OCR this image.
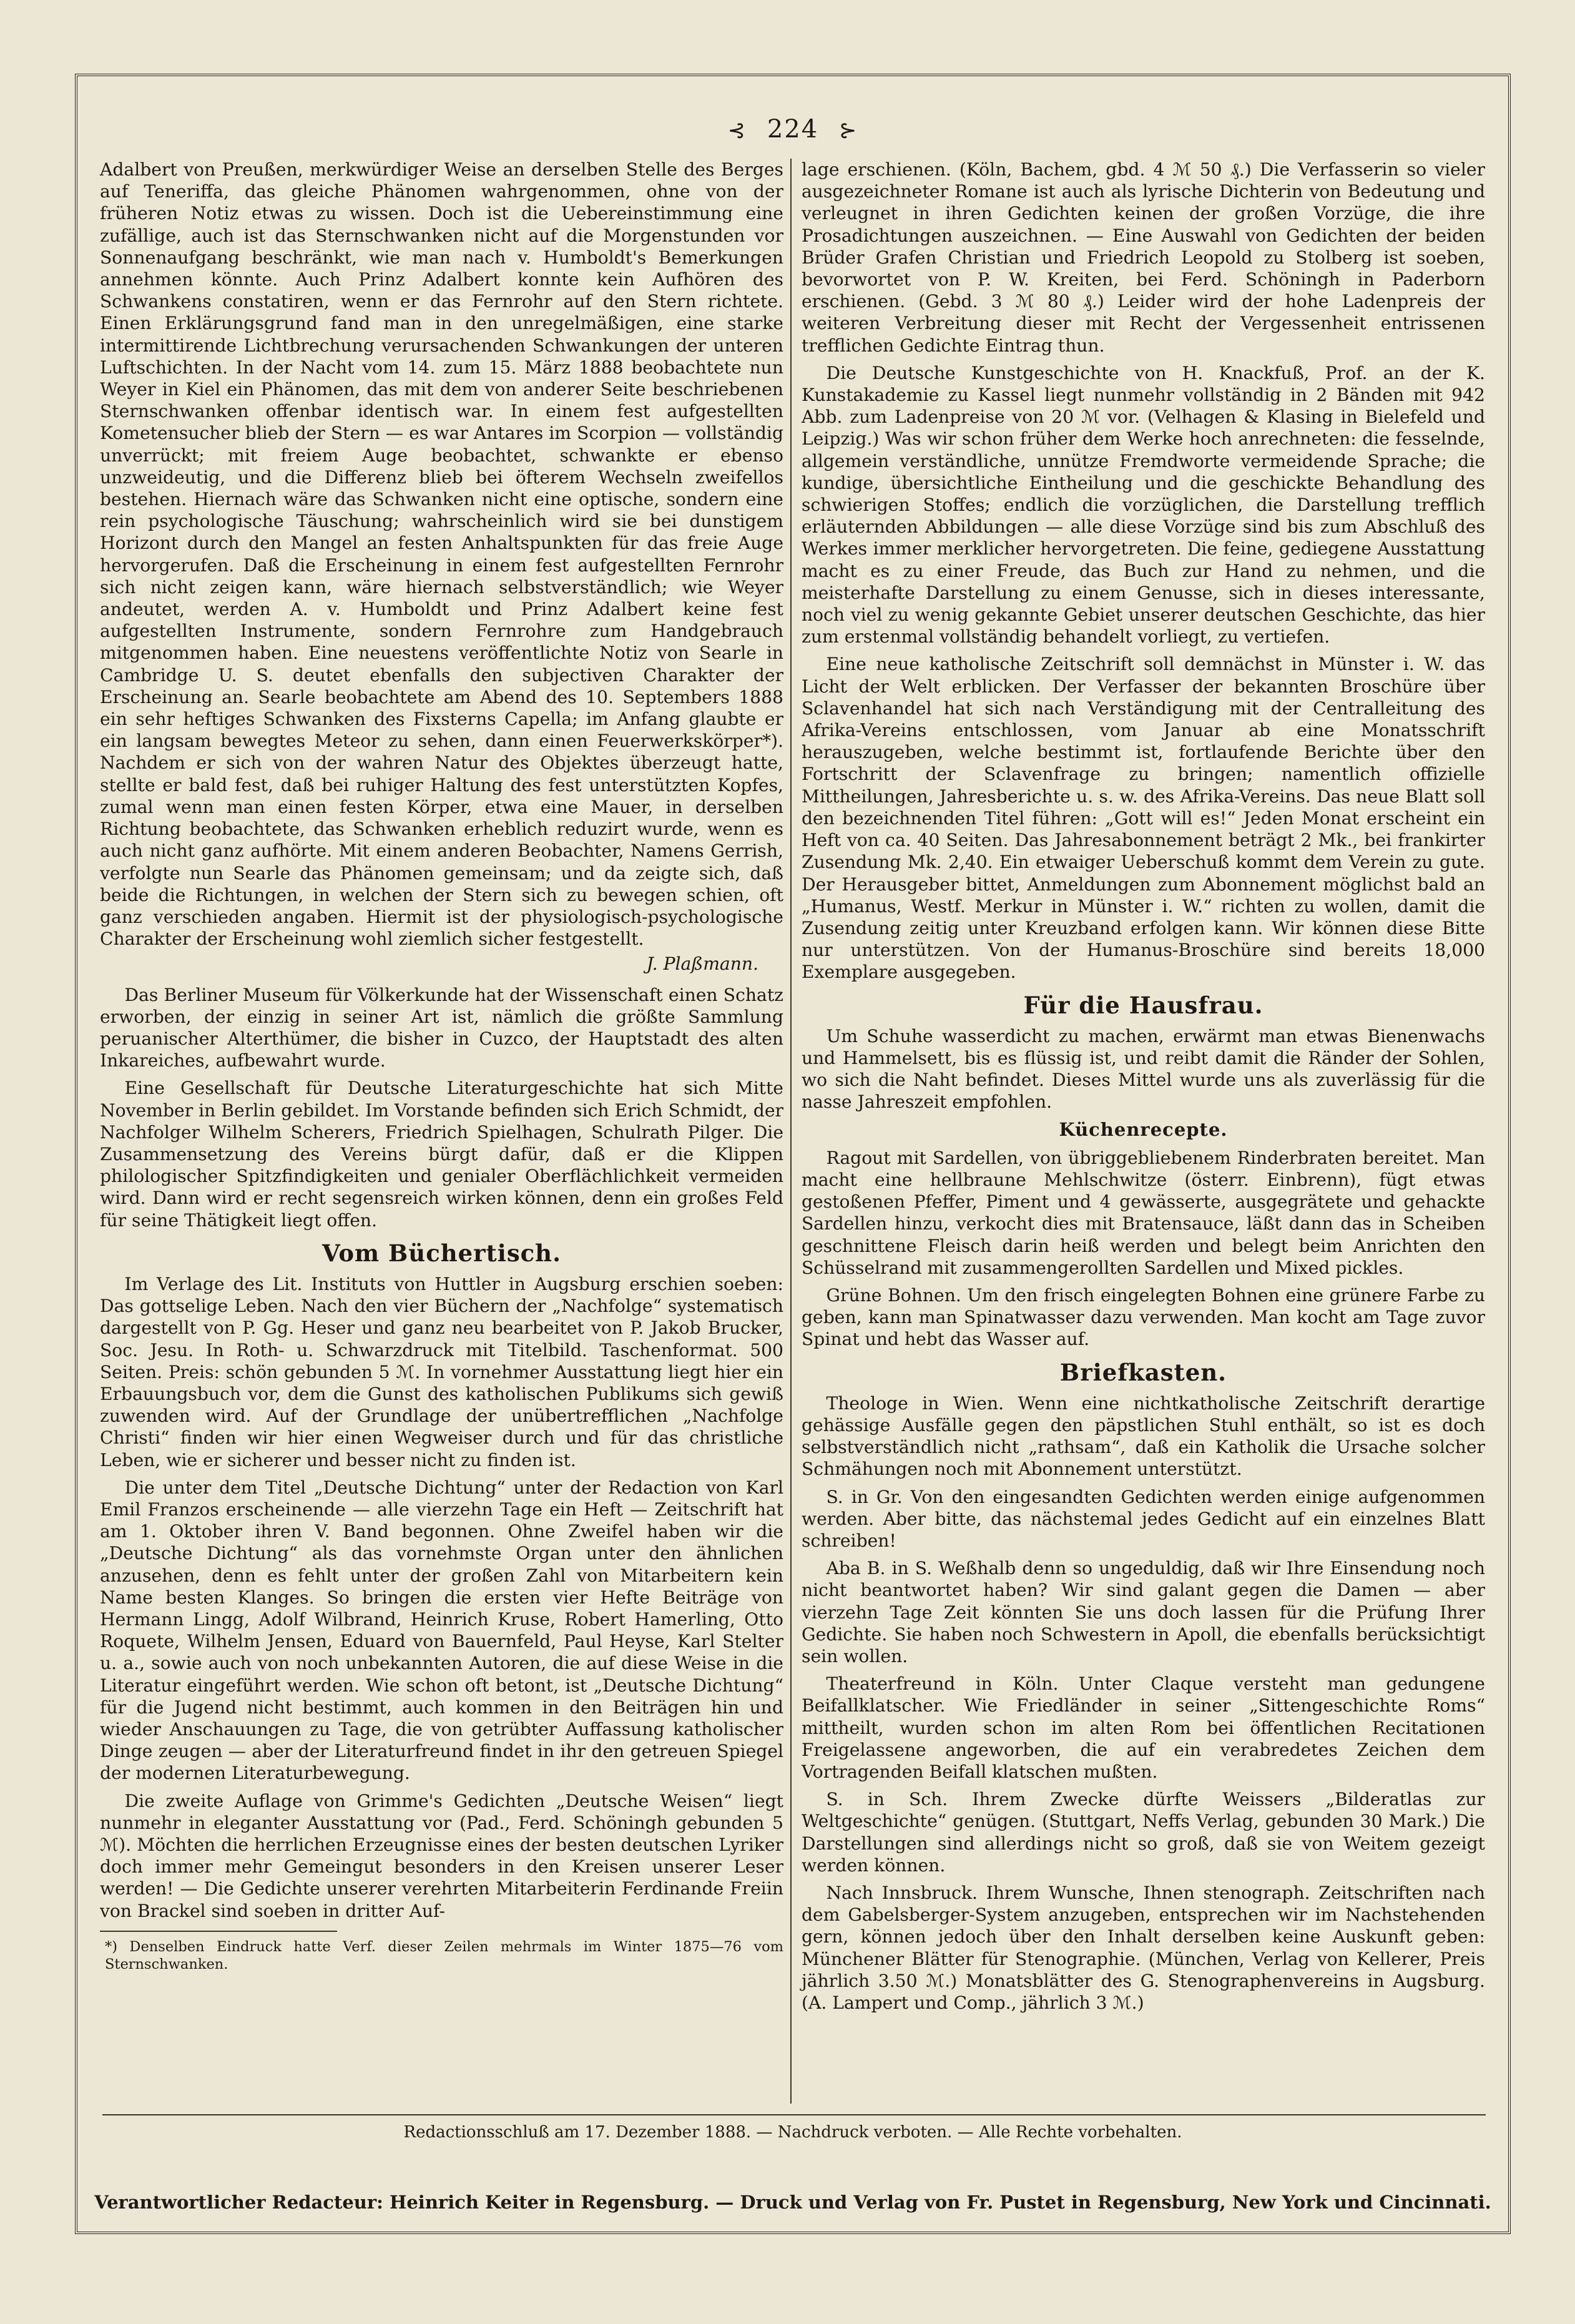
⊰ 224 ⊱

Adalbert von Preußen, merkwürdiger Weise an derselben Stelle des Berges auf Teneriffa, das gleiche Phänomen wahrgenommen, ohne von der früheren Notiz etwas zu wissen. Doch ist die Uebereinstimmung eine zufällige, auch ist das Sternschwanken nicht auf die Morgenstunden vor Sonnenaufgang beschränkt, wie man nach v. Humboldt's Bemerkungen annehmen könnte. Auch Prinz Adalbert konnte kein Aufhören des Schwankens constatiren, wenn er das Fernrohr auf den Stern richtete. Einen Erklärungsgrund fand man in den unregelmäßigen, eine starke intermittirende Lichtbrechung verursachenden Schwankungen der unteren Luftschichten. In der Nacht vom 14. zum 15. März 1888 beobachtete nun Weyer in Kiel ein Phänomen, das mit dem von anderer Seite beschriebenen Sternschwanken offenbar identisch war. In einem fest aufgestellten Kometensucher blieb der Stern — es war Antares im Scorpion — vollständig unverrückt; mit freiem Auge beobachtet, schwankte er ebenso unzweideutig, und die Differenz blieb bei öfterem Wechseln zweifellos bestehen. Hiernach wäre das Schwanken nicht eine optische, sondern eine rein psychologische Täuschung; wahrscheinlich wird sie bei dunstigem Horizont durch den Mangel an festen Anhaltspunkten für das freie Auge hervorgerufen. Daß die Erscheinung in einem fest aufgestellten Fernrohr sich nicht zeigen kann, wäre hiernach selbstverständlich; wie Weyer andeutet, werden A. v. Humboldt und Prinz Adalbert keine fest aufgestellten Instrumente, sondern Fernrohre zum Handgebrauch mitgenommen haben. Eine neuestens veröffentlichte Notiz von Searle in Cambridge U. S. deutet ebenfalls den subjectiven Charakter der Erscheinung an. Searle beobachtete am Abend des 10. Septembers 1888 ein sehr heftiges Schwanken des Fixsterns Capella; im Anfang glaubte er ein langsam bewegtes Meteor zu sehen, dann einen Feuerwerkskörper*). Nachdem er sich von der wahren Natur des Objektes überzeugt hatte, stellte er bald fest, daß bei ruhiger Haltung des fest unterstützten Kopfes, zumal wenn man einen festen Körper, etwa eine Mauer, in derselben Richtung beobachtete, das Schwanken erheblich reduzirt wurde, wenn es auch nicht ganz aufhörte. Mit einem anderen Beobachter, Namens Gerrish, verfolgte nun Searle das Phänomen gemeinsam; und da zeigte sich, daß beide die Richtungen, in welchen der Stern sich zu bewegen schien, oft ganz verschieden angaben. Hiermit ist der physiologisch-psychologische Charakter der Erscheinung wohl ziemlich sicher festgestellt.

J. Plaßmann.

Das Berliner Museum für Völkerkunde hat der Wissenschaft einen Schatz erworben, der einzig in seiner Art ist, nämlich die größte Sammlung peruanischer Alterthümer, die bisher in Cuzco, der Hauptstadt des alten Inkareiches, aufbewahrt wurde.

Eine Gesellschaft für Deutsche Literaturgeschichte hat sich Mitte November in Berlin gebildet. Im Vorstande befinden sich Erich Schmidt, der Nachfolger Wilhelm Scherers, Friedrich Spielhagen, Schulrath Pilger. Die Zusammensetzung des Vereins bürgt dafür, daß er die Klippen philologischer Spitzfindigkeiten und genialer Oberflächlichkeit vermeiden wird. Dann wird er recht segensreich wirken können, denn ein großes Feld für seine Thätigkeit liegt offen.

Vom Büchertisch.

Im Verlage des Lit. Instituts von Huttler in Augsburg erschien soeben: Das gottselige Leben. Nach den vier Büchern der „Nachfolge“ systematisch dargestellt von P. Gg. Heser und ganz neu bearbeitet von P. Jakob Brucker, Soc. Jesu. In Roth- u. Schwarzdruck mit Titelbild. Taschenformat. 500 Seiten. Preis: schön gebunden 5 ℳ. In vornehmer Ausstattung liegt hier ein Erbauungsbuch vor, dem die Gunst des katholischen Publikums sich gewiß zuwenden wird. Auf der Grundlage der unübertrefflichen „Nachfolge Christi“ finden wir hier einen Wegweiser durch und für das christliche Leben, wie er sicherer und besser nicht zu finden ist.

Die unter dem Titel „Deutsche Dichtung“ unter der Redaction von Karl Emil Franzos erscheinende — alle vierzehn Tage ein Heft — Zeitschrift hat am 1. Oktober ihren V. Band begonnen. Ohne Zweifel haben wir die „Deutsche Dichtung“ als das vornehmste Organ unter den ähnlichen anzusehen, denn es fehlt unter der großen Zahl von Mitarbeitern kein Name besten Klanges. So bringen die ersten vier Hefte Beiträge von Hermann Lingg, Adolf Wilbrand, Heinrich Kruse, Robert Hamerling, Otto Roquete, Wilhelm Jensen, Eduard von Bauernfeld, Paul Heyse, Karl Stelter u. a., sowie auch von noch unbekannten Autoren, die auf diese Weise in die Literatur eingeführt werden. Wie schon oft betont, ist „Deutsche Dichtung“ für die Jugend nicht bestimmt, auch kommen in den Beiträgen hin und wieder Anschauungen zu Tage, die von getrübter Auffassung katholischer Dinge zeugen — aber der Literaturfreund findet in ihr den getreuen Spiegel der modernen Literaturbewegung.

Die zweite Auflage von Grimme's Gedichten „Deutsche Weisen“ liegt nunmehr in eleganter Ausstattung vor (Pad., Ferd. Schöningh gebunden 5 ℳ). Möchten die herrlichen Erzeugnisse eines der besten deutschen Lyriker doch immer mehr Gemeingut besonders in den Kreisen unserer Leser werden! — Die Gedichte unserer verehrten Mitarbeiterin Ferdinande Freiin von Brackel sind soeben in dritter Auf-

*) Denselben Eindruck hatte Verf. dieser Zeilen mehrmals im Winter 1875—76 vom Sternschwanken.

lage erschienen. (Köln, Bachem, gbd. 4 ℳ 50 ₰.) Die Verfasserin so vieler ausgezeichneter Romane ist auch als lyrische Dichterin von Bedeutung und verleugnet in ihren Gedichten keinen der großen Vorzüge, die ihre Prosadichtungen auszeichnen. — Eine Auswahl von Gedichten der beiden Brüder Grafen Christian und Friedrich Leopold zu Stolberg ist soeben, bevorwortet von P. W. Kreiten, bei Ferd. Schöningh in Paderborn erschienen. (Gebd. 3 ℳ 80 ₰.) Leider wird der hohe Ladenpreis der weiteren Verbreitung dieser mit Recht der Vergessenheit entrissenen trefflichen Gedichte Eintrag thun.

Die Deutsche Kunstgeschichte von H. Knackfuß, Prof. an der K. Kunstakademie zu Kassel liegt nunmehr vollständig in 2 Bänden mit 942 Abb. zum Ladenpreise von 20 ℳ vor. (Velhagen & Klasing in Bielefeld und Leipzig.) Was wir schon früher dem Werke hoch anrechneten: die fesselnde, allgemein verständliche, unnütze Fremdworte vermeidende Sprache; die kundige, übersichtliche Eintheilung und die geschickte Behandlung des schwierigen Stoffes; endlich die vorzüglichen, die Darstellung trefflich erläuternden Abbildungen — alle diese Vorzüge sind bis zum Abschluß des Werkes immer merklicher hervorgetreten. Die feine, gediegene Ausstattung macht es zu einer Freude, das Buch zur Hand zu nehmen, und die meisterhafte Darstellung zu einem Genusse, sich in dieses interessante, noch viel zu wenig gekannte Gebiet unserer deutschen Geschichte, das hier zum erstenmal vollständig behandelt vorliegt, zu vertiefen.

Eine neue katholische Zeitschrift soll demnächst in Münster i. W. das Licht der Welt erblicken. Der Verfasser der bekannten Broschüre über Sclavenhandel hat sich nach Verständigung mit der Centralleitung des Afrika-Vereins entschlossen, vom Januar ab eine Monatsschrift herauszugeben, welche bestimmt ist, fortlaufende Berichte über den Fortschritt der Sclavenfrage zu bringen; namentlich offizielle Mittheilungen, Jahresberichte u. s. w. des Afrika-Vereins. Das neue Blatt soll den bezeichnenden Titel führen: „Gott will es!“ Jeden Monat erscheint ein Heft von ca. 40 Seiten. Das Jahresabonnement beträgt 2 Mk., bei frankirter Zusendung Mk. 2,40. Ein etwaiger Ueberschuß kommt dem Verein zu gute. Der Herausgeber bittet, Anmeldungen zum Abonnement möglichst bald an „Humanus, Westf. Merkur in Münster i. W.“ richten zu wollen, damit die Zusendung zeitig unter Kreuzband erfolgen kann. Wir können diese Bitte nur unterstützen. Von der Humanus-Broschüre sind bereits 18,000 Exemplare ausgegeben.

Für die Hausfrau.

Um Schuhe wasserdicht zu machen, erwärmt man etwas Bienenwachs und Hammelsett, bis es flüssig ist, und reibt damit die Ränder der Sohlen, wo sich die Naht befindet. Dieses Mittel wurde uns als zuverlässig für die nasse Jahreszeit empfohlen.

Küchenrecepte.

Ragout mit Sardellen, von übriggebliebenem Rinderbraten bereitet. Man macht eine hellbraune Mehlschwitze (österr. Einbrenn), fügt etwas gestoßenen Pfeffer, Piment und 4 gewässerte, ausgegrätete und gehackte Sardellen hinzu, verkocht dies mit Bratensauce, läßt dann das in Scheiben geschnittene Fleisch darin heiß werden und belegt beim Anrichten den Schüsselrand mit zusammengerollten Sardellen und Mixed pickles.

Grüne Bohnen. Um den frisch eingelegten Bohnen eine grünere Farbe zu geben, kann man Spinatwasser dazu verwenden. Man kocht am Tage zuvor Spinat und hebt das Wasser auf.

Briefkasten.

Theologe in Wien. Wenn eine nichtkatholische Zeitschrift derartige gehässige Ausfälle gegen den päpstlichen Stuhl enthält, so ist es doch selbstverständlich nicht „rathsam“, daß ein Katholik die Ursache solcher Schmähungen noch mit Abonnement unterstützt.

S. in Gr. Von den eingesandten Gedichten werden einige aufgenommen werden. Aber bitte, das nächstemal jedes Gedicht auf ein einzelnes Blatt schreiben!

Aba B. in S. Weßhalb denn so ungeduldig, daß wir Ihre Einsendung noch nicht beantwortet haben? Wir sind galant gegen die Damen — aber vierzehn Tage Zeit könnten Sie uns doch lassen für die Prüfung Ihrer Gedichte. Sie haben noch Schwestern in Apoll, die ebenfalls berücksichtigt sein wollen.

Theaterfreund in Köln. Unter Claque versteht man gedungene Beifallklatscher. Wie Friedländer in seiner „Sittengeschichte Roms“ mittheilt, wurden schon im alten Rom bei öffentlichen Recitationen Freigelassene angeworben, die auf ein verabredetes Zeichen dem Vortragenden Beifall klatschen mußten.

S. in Sch. Ihrem Zwecke dürfte Weissers „Bilderatlas zur Weltgeschichte“ genügen. (Stuttgart, Neffs Verlag, gebunden 30 Mark.) Die Darstellungen sind allerdings nicht so groß, daß sie von Weitem gezeigt werden können.

Nach Innsbruck. Ihrem Wunsche, Ihnen stenograph. Zeitschriften nach dem Gabelsberger-System anzugeben, entsprechen wir im Nachstehenden gern, können jedoch über den Inhalt derselben keine Auskunft geben: Münchener Blätter für Stenographie. (München, Verlag von Kellerer, Preis jährlich 3.50 ℳ.) Monatsblätter des G. Stenographenvereins in Augsburg. (A. Lampert und Comp., jährlich 3 ℳ.)

Redactionsschluß am 17. Dezember 1888. — Nachdruck verboten. — Alle Rechte vorbehalten.
Verantwortlicher Redacteur: Heinrich Keiter in Regensburg. — Druck und Verlag von Fr. Pustet in Regensburg, New York und Cincinnati.
